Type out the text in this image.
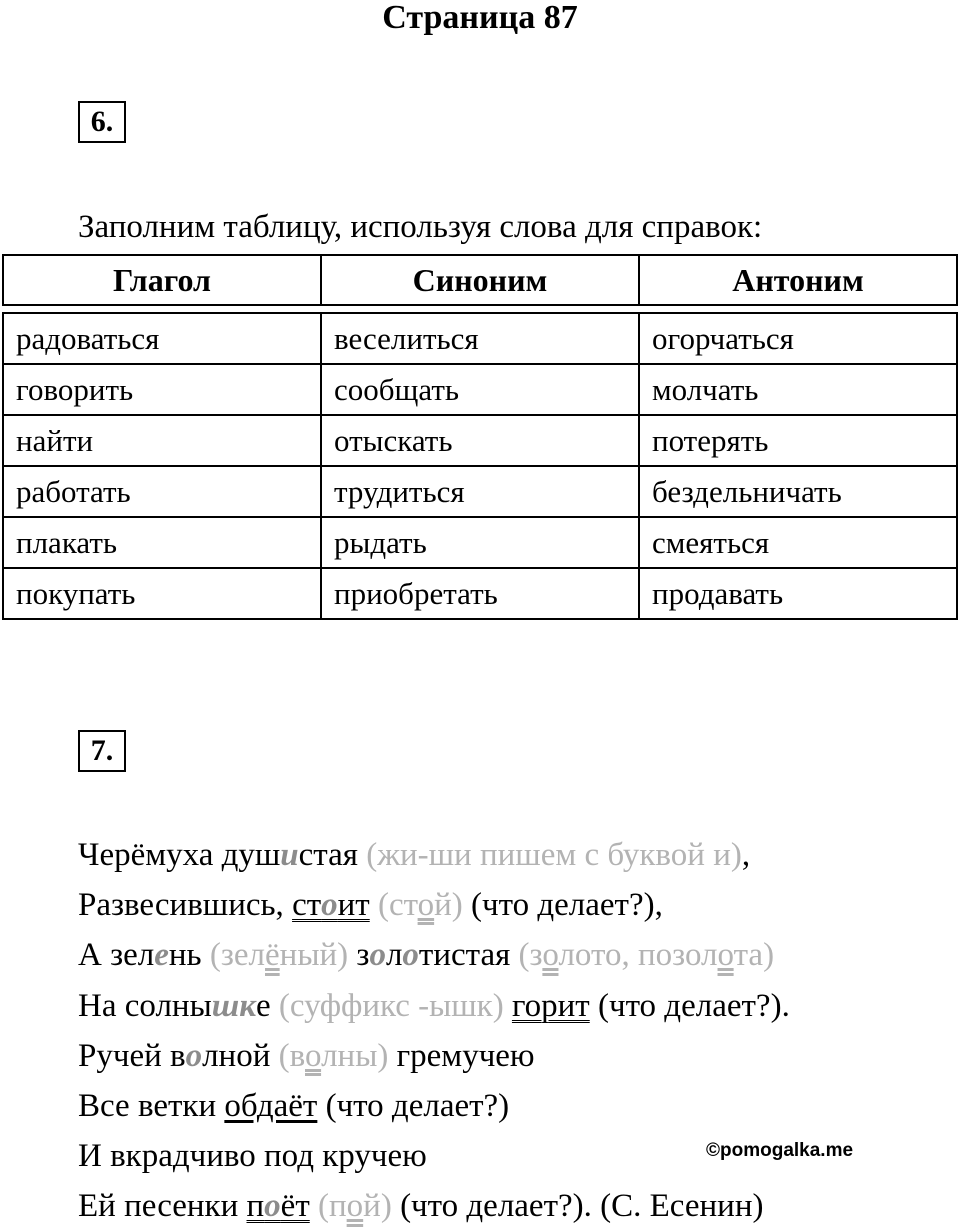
Страница 87
6.
Заполним таблицу, используя слова для справок:
Глагол	Синоним	Антоним

радоваться	веселиться	огорчаться
говорить	сообщать	молчать
найти	отыскать	потерять
работать	трудиться	бездельничать
плакать	рыдать	смеяться
покупать	приобретать	продавать
7.
Черёмуха душистая (жи-ши пишем с буквой и),
Развесившись, стоит (стой) (что делает?),
А зелень (зелёный) золотистая (золото, позолота)
На солнышке (суффикс -ышк) горит (что делает?).
Ручей волной (волны) гремучею
Все ветки обдаёт (что делает?)
И вкрадчиво под кручею
Ей песенки поёт (пой) (что делает?). (С. Есенин)
©pomogalka.me
